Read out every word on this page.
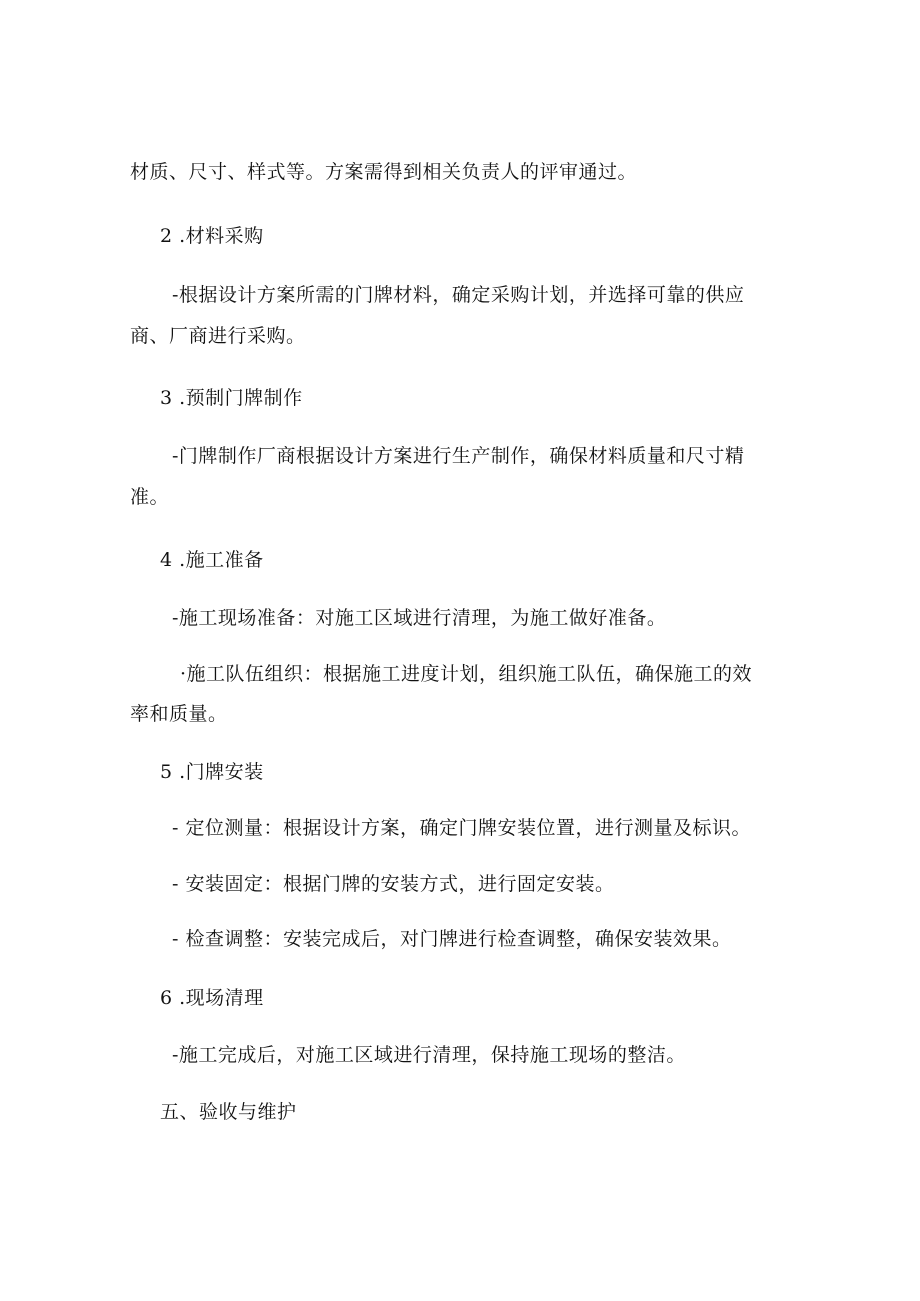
材质、尺寸、样式等。方案需得到相关负责人的评审通过。
2 .材料采购
-根据设计方案所需的门牌材料，确定采购计划，并选择可靠的供应
商、厂商进行采购。
3 .预制门牌制作
-门牌制作厂商根据设计方案进行生产制作，确保材料质量和尺寸精
准。
4 .施工准备
-施工现场准备：对施工区域进行清理，为施工做好准备。
·施工队伍组织：根据施工进度计划，组织施工队伍，确保施工的效
率和质量。
5 .门牌安装
- 定位测量：根据设计方案，确定门牌安装位置，进行测量及标识。
- 安装固定：根据门牌的安装方式，进行固定安装。
- 检查调整：安装完成后，对门牌进行检查调整，确保安装效果。
6 .现场清理
-施工完成后，对施工区域进行清理，保持施工现场的整洁。
五、验收与维护
